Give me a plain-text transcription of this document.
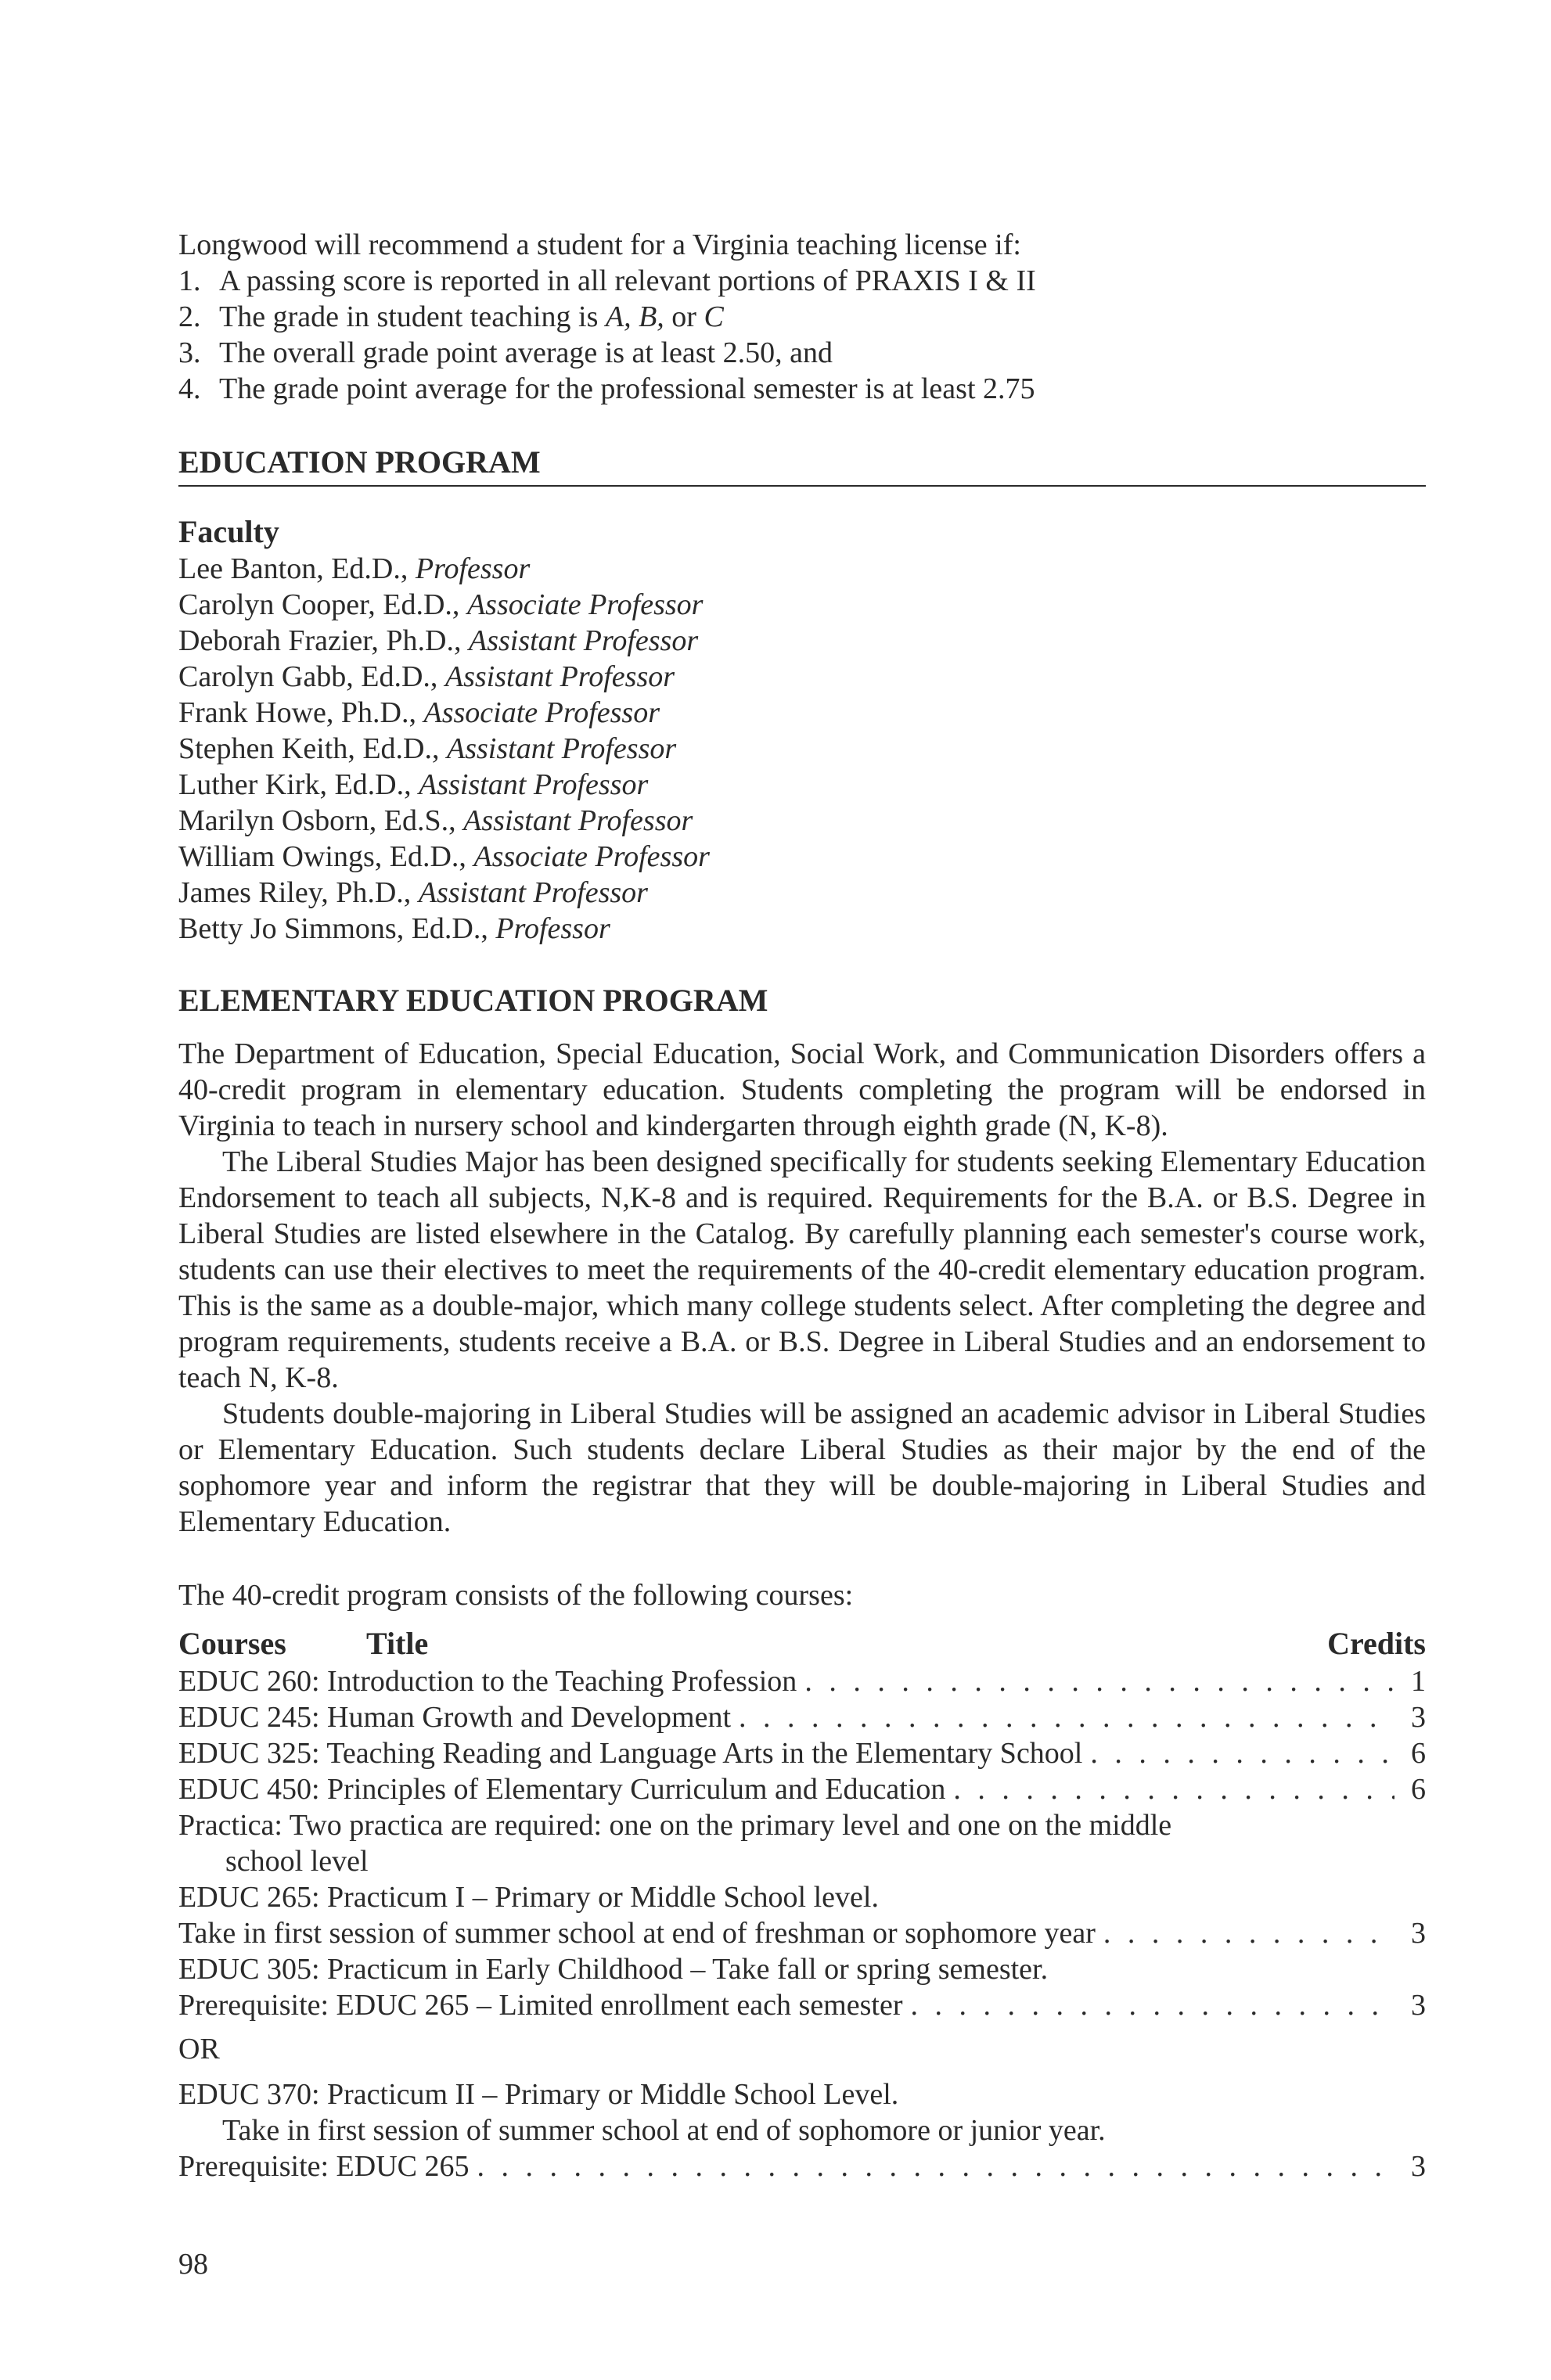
Longwood will recommend a student for a Virginia teaching license if:

1. A passing score is reported in all relevant portions of PRAXIS I & II
2. The grade in student teaching is A, B, or C
3. The overall grade point average is at least 2.50, and
4. The grade point average for the professional semester is at least 2.75
EDUCATION PROGRAM
Faculty
Lee Banton, Ed.D., Professor
Carolyn Cooper, Ed.D., Associate Professor
Deborah Frazier, Ph.D., Assistant Professor
Carolyn Gabb, Ed.D., Assistant Professor
Frank Howe, Ph.D., Associate Professor
Stephen Keith, Ed.D., Assistant Professor
Luther Kirk, Ed.D., Assistant Professor
Marilyn Osborn, Ed.S., Assistant Professor
William Owings, Ed.D., Associate Professor
James Riley, Ph.D., Assistant Professor
Betty Jo Simmons, Ed.D., Professor
ELEMENTARY EDUCATION PROGRAM

The Department of Education, Special Education, Social Work, and Communication Disorders offers a 40-credit program in elementary education. Students completing the program will be endorsed in Virginia to teach in nursery school and kindergarten through eighth grade (N, K-8).

The Liberal Studies Major has been designed specifically for students seeking Elementary Education Endorsement to teach all subjects, N,K-8 and is required. Requirements for the B.A. or B.S. Degree in Liberal Studies are listed elsewhere in the Catalog. By carefully planning each semester's course work, students can use their electives to meet the requirements of the 40-credit elementary education program. This is the same as a double-major, which many college students select. After completing the degree and program requirements, students receive a B.A. or B.S. Degree in Liberal Studies and an endorsement to teach N, K-8.

Students double-majoring in Liberal Studies will be assigned an academic advisor in Liberal Studies or Elementary Education. Such students declare Liberal Studies as their major by the end of the sophomore year and inform the registrar that they will be double-majoring in Liberal Studies and Elementary Education.

The 40-credit program consists of the following courses:

Courses	Title	Credits
EDUC 260: Introduction to the Teaching Profession . . .	1
EDUC 245: Human Growth and Development . . .	3
EDUC 325: Teaching Reading and Language Arts in the Elementary School . . .	6
EDUC 450: Principles of Elementary Curriculum and Education . . .	6
Practica: Two practica are required: one on the primary level and one on the middle
school level
EDUC 265: Practicum I – Primary or Middle School level.
Take in first session of summer school at end of freshman or sophomore year . . .	3
EDUC 305: Practicum in Early Childhood – Take fall or spring semester.
Prerequisite: EDUC 265 – Limited enrollment each semester . . .	3
OR
EDUC 370: Practicum II – Primary or Middle School Level.
Take in first session of summer school at end of sophomore or junior year.
Prerequisite: EDUC 265 . . .	3
98
